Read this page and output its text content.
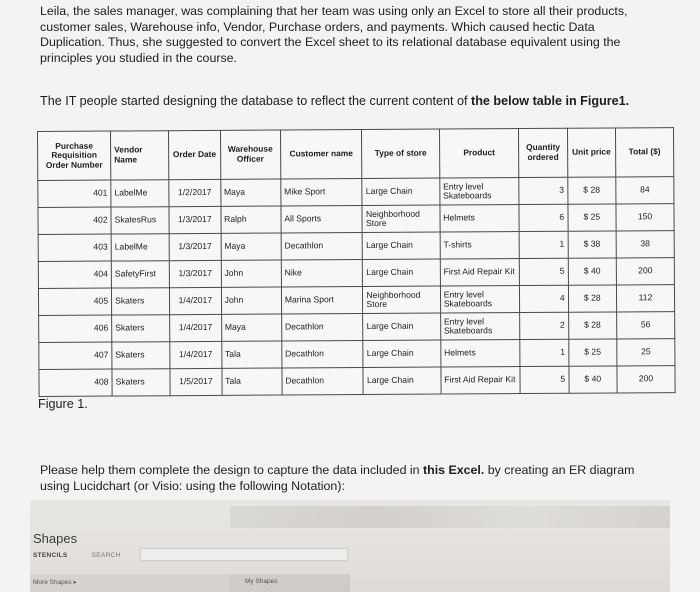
Leila, the sales manager, was complaining that her team was using only an Excel to store all their products,
customer sales, Warehouse info, Vendor, Purchase orders, and payments. Which caused hectic Data
Duplication. Thus, she suggested to convert the Excel sheet to its relational database equivalent using the
principles you studied in the course.
The IT people started designing the database to reflect the current content of the below table in Figure1.
Purchase Requisition Order Number	Vendor Name	Order Date	Warehouse Officer	Customer name	Type of store	Product	Quantity ordered	Unit price	Total ($)
401	LabelMe	1/2/2017	Maya	Mike Sport	Large Chain	Entry level Skateboards	3	$ 28	84
402	SkatesRus	1/3/2017	Ralph	All Sports	Neighborhood Store	Helmets	6	$ 25	150
403	LabelMe	1/3/2017	Maya	Decathlon	Large Chain	T-shirts	1	$ 38	38
404	SafetyFirst	1/3/2017	John	Nike	Large Chain	First Aid Repair Kit	5	$ 40	200
405	Skaters	1/4/2017	John	Marina Sport	Neighborhood Store	Entry level Skateboards	4	$ 28	112
406	Skaters	1/4/2017	Maya	Decathlon	Large Chain	Entry level Skateboards	2	$ 28	56
407	Skaters	1/4/2017	Tala	Decathlon	Large Chain	Helmets	1	$ 25	25
408	Skaters	1/5/2017	Tala	Decathlon	Large Chain	First Aid Repair Kit	5	$ 40	200
Figure 1.
Please help them complete the design to capture the data included in this Excel. by creating an ER diagram
using Lucidchart (or Visio: using the following Notation):
Shapes
STENCILS	SEARCH
More Shapes ▸	My Shapes
